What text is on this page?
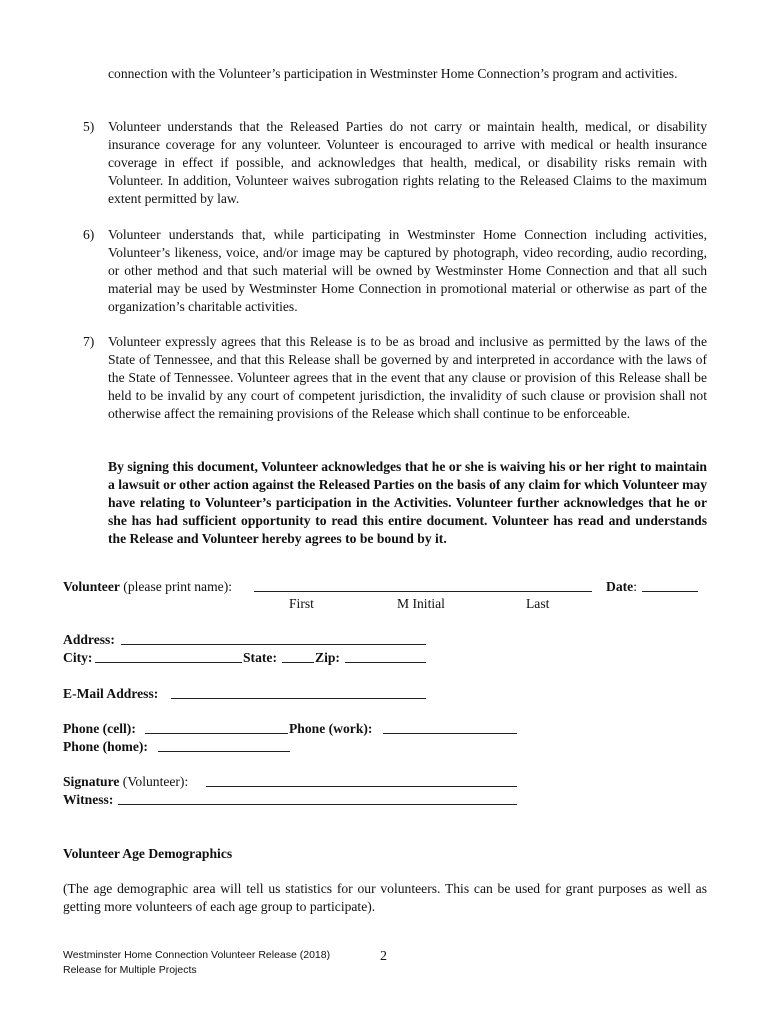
connection with the Volunteer’s participation in Westminster Home Connection’s program and activities.
5) Volunteer understands that the Released Parties do not carry or maintain health, medical, or disability insurance coverage for any volunteer. Volunteer is encouraged to arrive with medical or health insurance coverage in effect if possible, and acknowledges that health, medical, or disability risks remain with Volunteer. In addition, Volunteer waives subrogation rights relating to the Released Claims to the maximum extent permitted by law.
6) Volunteer understands that, while participating in Westminster Home Connection including activities, Volunteer’s likeness, voice, and/or image may be captured by photograph, video recording, audio recording, or other method and that such material will be owned by Westminster Home Connection and that all such material may be used by Westminster Home Connection in promotional material or otherwise as part of the organization’s charitable activities.
7) Volunteer expressly agrees that this Release is to be as broad and inclusive as permitted by the laws of the State of Tennessee, and that this Release shall be governed by and interpreted in accordance with the laws of the State of Tennessee. Volunteer agrees that in the event that any clause or provision of this Release shall be held to be invalid by any court of competent jurisdiction, the invalidity of such clause or provision shall not otherwise affect the remaining provisions of the Release which shall continue to be enforceable.
By signing this document, Volunteer acknowledges that he or she is waiving his or her right to maintain a lawsuit or other action against the Released Parties on the basis of any claim for which Volunteer may have relating to Volunteer’s participation in the Activities. Volunteer further acknowledges that he or she has had sufficient opportunity to read this entire document. Volunteer has read and understands the Release and Volunteer hereby agrees to be bound by it.
Volunteer (please print name):	Date:
First	M Initial	Last
Address:
City:	State:	Zip:
E-Mail Address:
Phone (cell):	Phone (work):
Phone (home):
Signature (Volunteer):
Witness:
Volunteer Age Demographics
(The age demographic area will tell us statistics for our volunteers. This can be used for grant purposes as well as getting more volunteers of each age group to participate).
Westminster Home Connection Volunteer Release (2018)
Release for Multiple Projects
2
